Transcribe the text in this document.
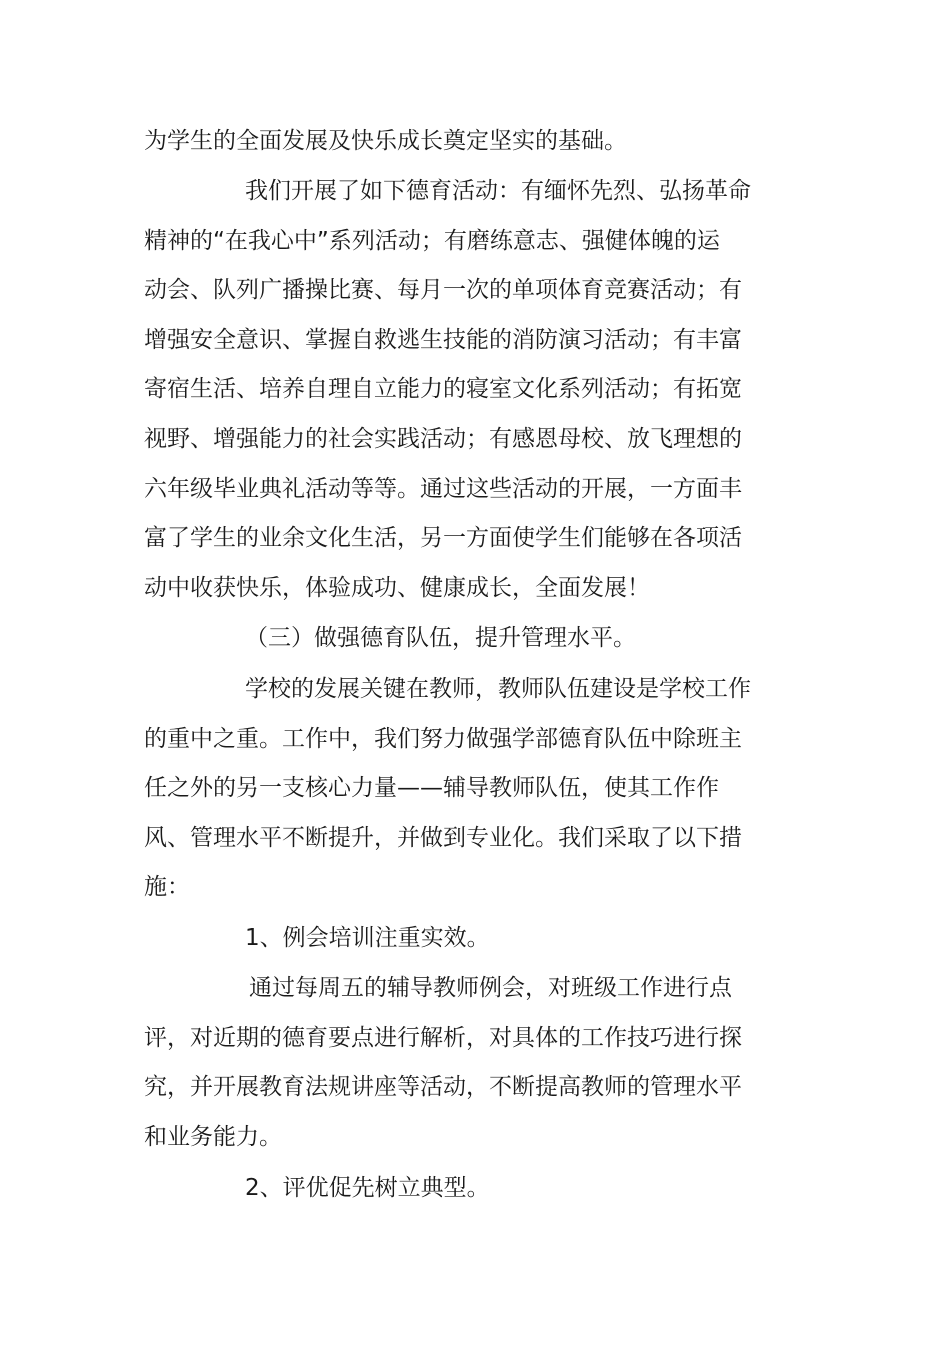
为学生的全面发展及快乐成长奠定坚实的基础。
我们开展了如下德育活动：有缅怀先烈、弘扬革命
精神的“在我心中”系列活动；有磨练意志、强健体魄的运
动会、队列广播操比赛、每月一次的单项体育竞赛活动；有
增强安全意识、掌握自救逃生技能的消防演习活动；有丰富
寄宿生活、培养自理自立能力的寝室文化系列活动；有拓宽
视野、增强能力的社会实践活动；有感恩母校、放飞理想的
六年级毕业典礼活动等等。通过这些活动的开展，一方面丰
富了学生的业余文化生活，另一方面使学生们能够在各项活
动中收获快乐，体验成功、健康成长，全面发展！
（三）做强德育队伍，提升管理水平。
学校的发展关键在教师，教师队伍建设是学校工作
的重中之重。工作中，我们努力做强学部德育队伍中除班主
任之外的另一支核心力量——辅导教师队伍，使其工作作
风、管理水平不断提升，并做到专业化。我们采取了以下措
施：
1、例会培训注重实效。
通过每周五的辅导教师例会，对班级工作进行点
评，对近期的德育要点进行解析，对具体的工作技巧进行探
究，并开展教育法规讲座等活动，不断提高教师的管理水平
和业务能力。
2、评优促先树立典型。
